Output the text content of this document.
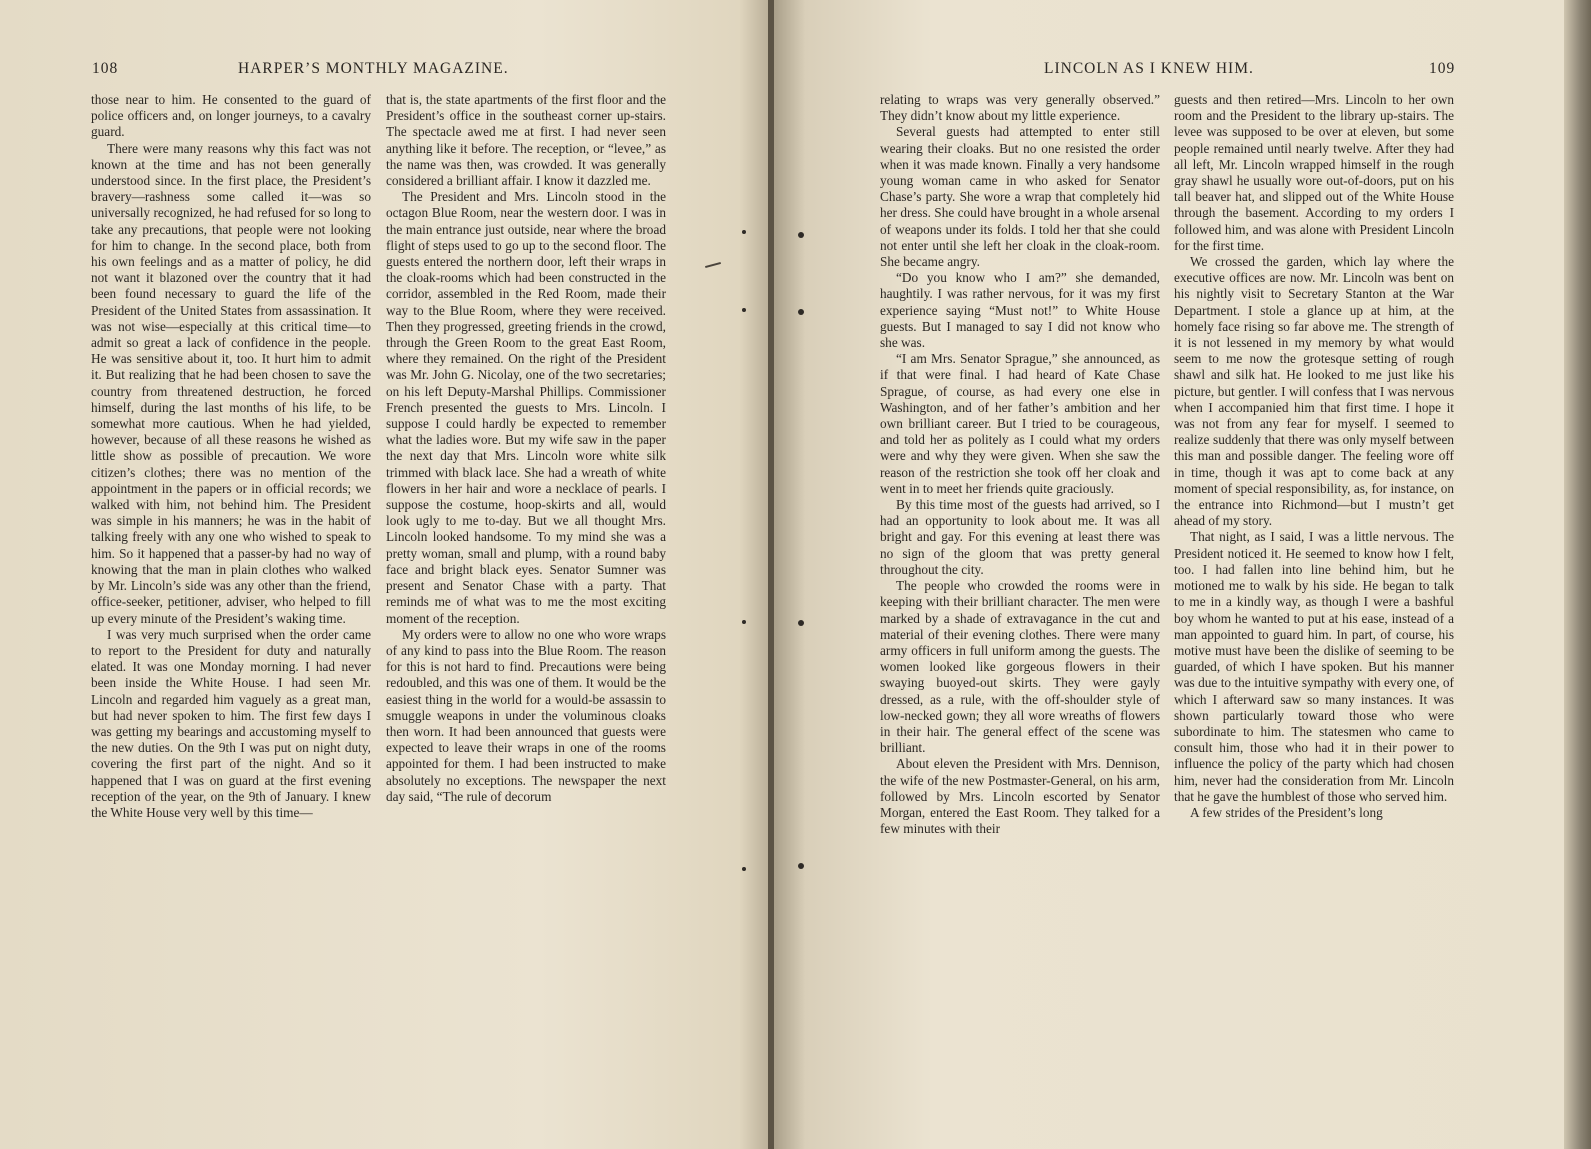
108	HARPER’S MONTHLY MAGAZINE.

those near to him. He consented to the guard of police officers and, on longer journeys, to a cavalry guard.

There were many reasons why this fact was not known at the time and has not been generally understood since. In the first place, the President’s bravery—rashness some called it—was so universally recognized, he had refused for so long to take any precautions, that people were not looking for him to change. In the second place, both from his own feelings and as a matter of policy, he did not want it blazoned over the country that it had been found necessary to guard the life of the President of the United States from assassination. It was not wise—especially at this critical time—to admit so great a lack of confidence in the people. He was sensitive about it, too. It hurt him to admit it. But realizing that he had been chosen to save the country from threatened destruction, he forced himself, during the last months of his life, to be somewhat more cautious. When he had yielded, however, because of all these reasons he wished as little show as possible of precaution. We wore citizen’s clothes; there was no mention of the appointment in the papers or in official records; we walked with him, not behind him. The President was simple in his manners; he was in the habit of talking freely with any one who wished to speak to him. So it happened that a passer-by had no way of knowing that the man in plain clothes who walked by Mr. Lincoln’s side was any other than the friend, office-seeker, petitioner, adviser, who helped to fill up every minute of the President’s waking time.

I was very much surprised when the order came to report to the President for duty and naturally elated. It was one Monday morning. I had never been inside the White House. I had seen Mr. Lincoln and regarded him vaguely as a great man, but had never spoken to him. The first few days I was getting my bearings and accustoming myself to the new duties. On the 9th I was put on night duty, covering the first part of the night. And so it happened that I was on guard at the first evening reception of the year, on the 9th of January. I knew the White House very well by this time—

that is, the state apartments of the first floor and the President’s office in the southeast corner up-stairs. The spectacle awed me at first. I had never seen anything like it before. The reception, or “levee,” as the name was then, was crowded. It was generally considered a brilliant affair. I know it dazzled me.

The President and Mrs. Lincoln stood in the octagon Blue Room, near the western door. I was in the main entrance just outside, near where the broad flight of steps used to go up to the second floor. The guests entered the northern door, left their wraps in the cloak-rooms which had been constructed in the corridor, assembled in the Red Room, made their way to the Blue Room, where they were received. Then they progressed, greeting friends in the crowd, through the Green Room to the great East Room, where they remained. On the right of the President was Mr. John G. Nicolay, one of the two secretaries; on his left Deputy-Marshal Phillips. Commissioner French presented the guests to Mrs. Lincoln. I suppose I could hardly be expected to remember what the ladies wore. But my wife saw in the paper the next day that Mrs. Lincoln wore white silk trimmed with black lace. She had a wreath of white flowers in her hair and wore a necklace of pearls. I suppose the costume, hoop-skirts and all, would look ugly to me to-day. But we all thought Mrs. Lincoln looked handsome. To my mind she was a pretty woman, small and plump, with a round baby face and bright black eyes. Senator Sumner was present and Senator Chase with a party. That reminds me of what was to me the most exciting moment of the reception.

My orders were to allow no one who wore wraps of any kind to pass into the Blue Room. The reason for this is not hard to find. Precautions were being redoubled, and this was one of them. It would be the easiest thing in the world for a would-be assassin to smuggle weapons in under the voluminous cloaks then worn. It had been announced that guests were expected to leave their wraps in one of the rooms appointed for them. I had been instructed to make absolutely no exceptions. The newspaper the next day said, “The rule of decorum

LINCOLN AS I KNEW HIM.	109

relating to wraps was very generally observed.” They didn’t know about my little experience.

Several guests had attempted to enter still wearing their cloaks. But no one resisted the order when it was made known. Finally a very handsome young woman came in who asked for Senator Chase’s party. She wore a wrap that completely hid her dress. She could have brought in a whole arsenal of weapons under its folds. I told her that she could not enter until she left her cloak in the cloak-room. She became angry.

“Do you know who I am?” she demanded, haughtily. I was rather nervous, for it was my first experience saying “Must not!” to White House guests. But I managed to say I did not know who she was.

“I am Mrs. Senator Sprague,” she announced, as if that were final. I had heard of Kate Chase Sprague, of course, as had every one else in Washington, and of her father’s ambition and her own brilliant career. But I tried to be courageous, and told her as politely as I could what my orders were and why they were given. When she saw the reason of the restriction she took off her cloak and went in to meet her friends quite graciously.

By this time most of the guests had arrived, so I had an opportunity to look about me. It was all bright and gay. For this evening at least there was no sign of the gloom that was pretty general throughout the city.

The people who crowded the rooms were in keeping with their brilliant character. The men were marked by a shade of extravagance in the cut and material of their evening clothes. There were many army officers in full uniform among the guests. The women looked like gorgeous flowers in their swaying buoyed-out skirts. They were gayly dressed, as a rule, with the off-shoulder style of low-necked gown; they all wore wreaths of flowers in their hair. The general effect of the scene was brilliant.

About eleven the President with Mrs. Dennison, the wife of the new Postmaster-General, on his arm, followed by Mrs. Lincoln escorted by Senator Morgan, entered the East Room. They talked for a few minutes with their

guests and then retired—Mrs. Lincoln to her own room and the President to the library up-stairs. The levee was supposed to be over at eleven, but some people remained until nearly twelve. After they had all left, Mr. Lincoln wrapped himself in the rough gray shawl he usually wore out-of-doors, put on his tall beaver hat, and slipped out of the White House through the basement. According to my orders I followed him, and was alone with President Lincoln for the first time.

We crossed the garden, which lay where the executive offices are now. Mr. Lincoln was bent on his nightly visit to Secretary Stanton at the War Department. I stole a glance up at him, at the homely face rising so far above me. The strength of it is not lessened in my memory by what would seem to me now the grotesque setting of rough shawl and silk hat. He looked to me just like his picture, but gentler. I will confess that I was nervous when I accompanied him that first time. I hope it was not from any fear for myself. I seemed to realize suddenly that there was only myself between this man and possible danger. The feeling wore off in time, though it was apt to come back at any moment of special responsibility, as, for instance, on the entrance into Richmond—but I mustn’t get ahead of my story.

That night, as I said, I was a little nervous. The President noticed it. He seemed to know how I felt, too. I had fallen into line behind him, but he motioned me to walk by his side. He began to talk to me in a kindly way, as though I were a bashful boy whom he wanted to put at his ease, instead of a man appointed to guard him. In part, of course, his motive must have been the dislike of seeming to be guarded, of which I have spoken. But his manner was due to the intuitive sympathy with every one, of which I afterward saw so many instances. It was shown particularly toward those who were subordinate to him. The statesmen who came to consult him, those who had it in their power to influence the policy of the party which had chosen him, never had the consideration from Mr. Lincoln that he gave the humblest of those who served him.

A few strides of the President’s long
